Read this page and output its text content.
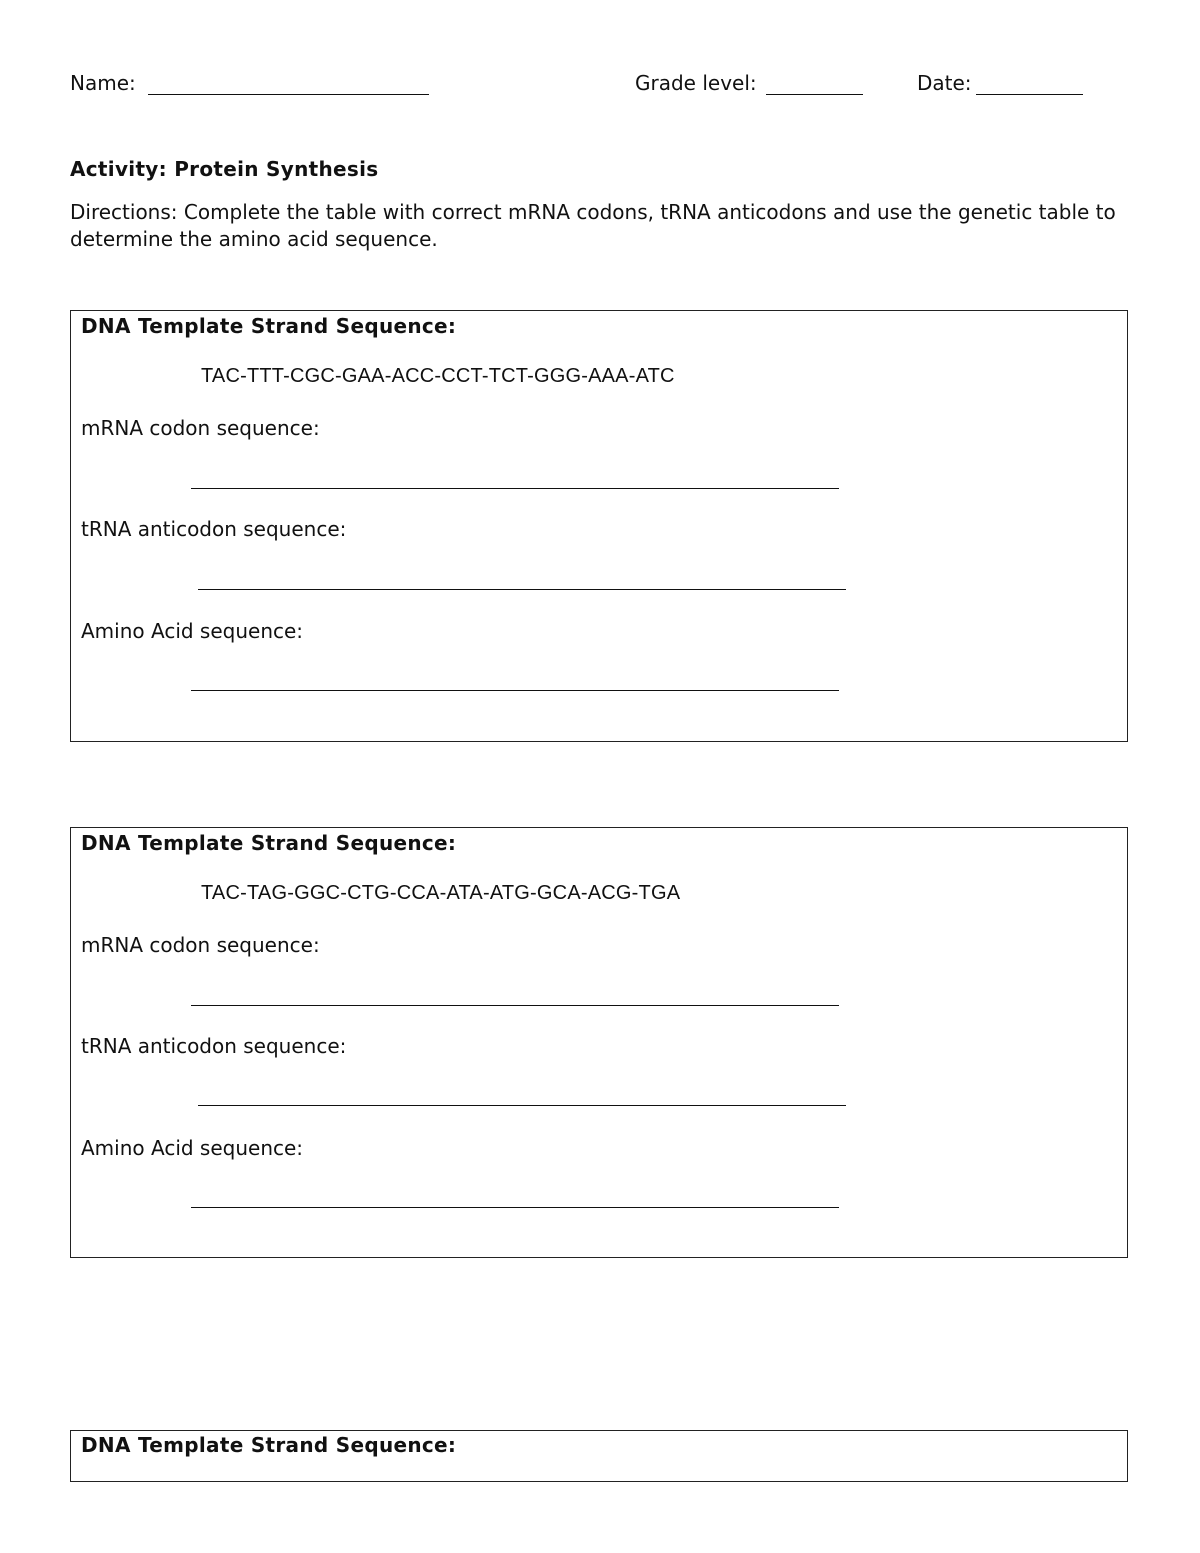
Name:	Grade level:	Date:
Activity: Protein Synthesis
Directions: Complete the table with correct mRNA codons, tRNA anticodons and use the genetic table to determine the amino acid sequence.
DNA Template Strand Sequence:
TAC-TTT-CGC-GAA-ACC-CCT-TCT-GGG-AAA-ATC
mRNA codon sequence:
tRNA anticodon sequence:
Amino Acid sequence:
DNA Template Strand Sequence:
TAC-TAG-GGC-CTG-CCA-ATA-ATG-GCA-ACG-TGA
mRNA codon sequence:
tRNA anticodon sequence:
Amino Acid sequence:
DNA Template Strand Sequence:
